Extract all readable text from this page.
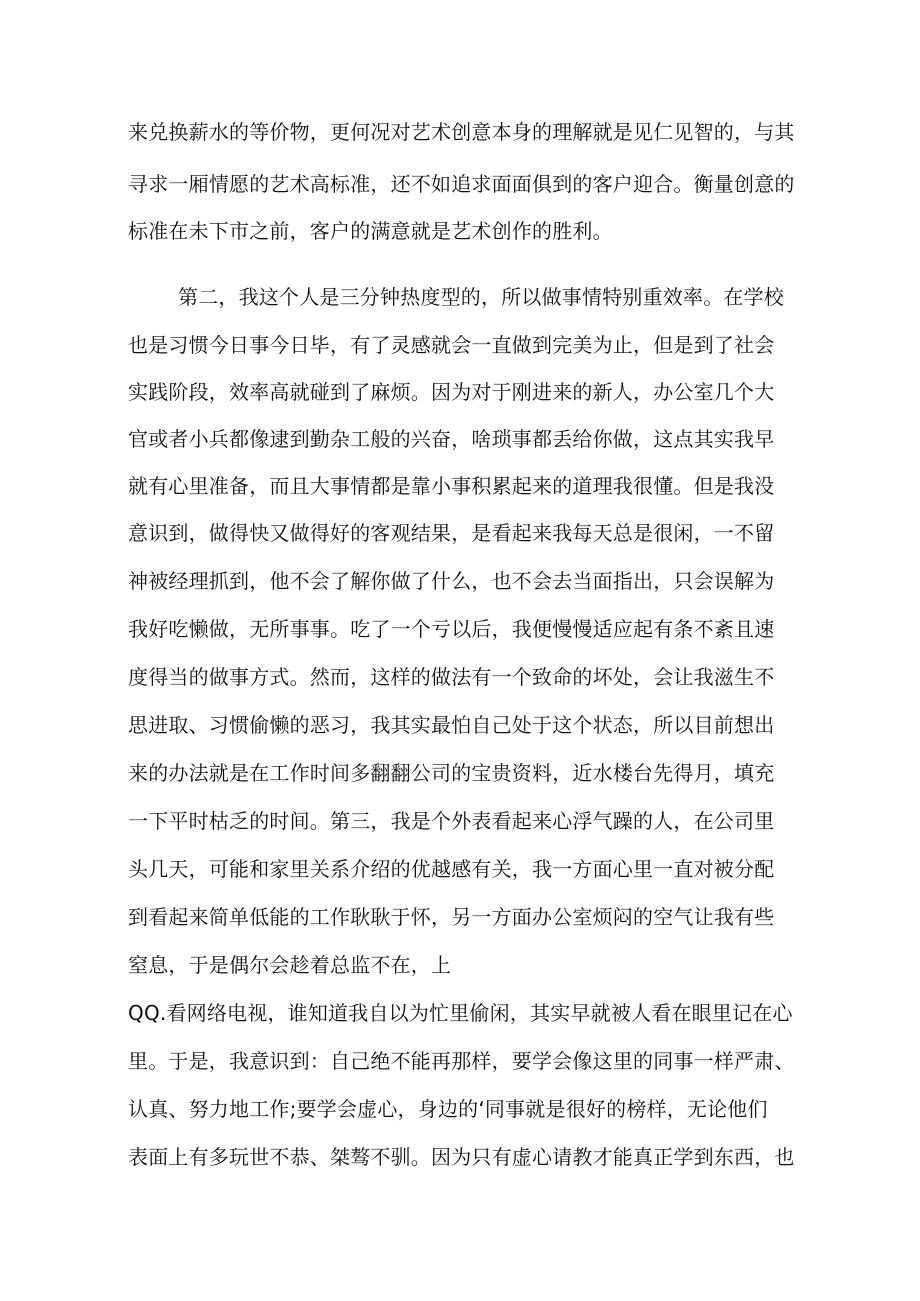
来兑换薪水的等价物，更何况对艺术创意本身的理解就是见仁见智的，与其
寻求一厢情愿的艺术高标准，还不如追求面面俱到的客户迎合。衡量创意的
标准在未下市之前，客户的满意就是艺术创作的胜利。
第二，我这个人是三分钟热度型的，所以做事情特别重效率。在学校
也是习惯今日事今日毕，有了灵感就会一直做到完美为止，但是到了社会
实践阶段，效率高就碰到了麻烦。因为对于刚进来的新人，办公室几个大
官或者小兵都像逮到勤杂工般的兴奋，啥琐事都丢给你做，这点其实我早
就有心里准备，而且大事情都是靠小事积累起来的道理我很懂。但是我没
意识到，做得快又做得好的客观结果，是看起来我每天总是很闲，一不留
神被经理抓到，他不会了解你做了什么，也不会去当面指出，只会误解为
我好吃懒做，无所事事。吃了一个亏以后，我便慢慢适应起有条不紊且速
度得当的做事方式。然而，这样的做法有一个致命的坏处，会让我滋生不
思进取、习惯偷懒的恶习，我其实最怕自己处于这个状态，所以目前想出
来的办法就是在工作时间多翻翻公司的宝贵资料，近水楼台先得月，填充
一下平时枯乏的时间。第三，我是个外表看起来心浮气躁的人，在公司里
头几天，可能和家里关系介绍的优越感有关，我一方面心里一直对被分配
到看起来简单低能的工作耿耿于怀，另一方面办公室烦闷的空气让我有些
窒息，于是偶尔会趁着总监不在，上
QQ.看网络电视，谁知道我自以为忙里偷闲，其实早就被人看在眼里记在心
里。于是，我意识到：自己绝不能再那样，要学会像这里的同事一样严肃、
认真、努力地工作;要学会虚心，身边的‘同事就是很好的榜样，无论他们
表面上有多玩世不恭、桀骜不驯。因为只有虚心请教才能真正学到东西，也
